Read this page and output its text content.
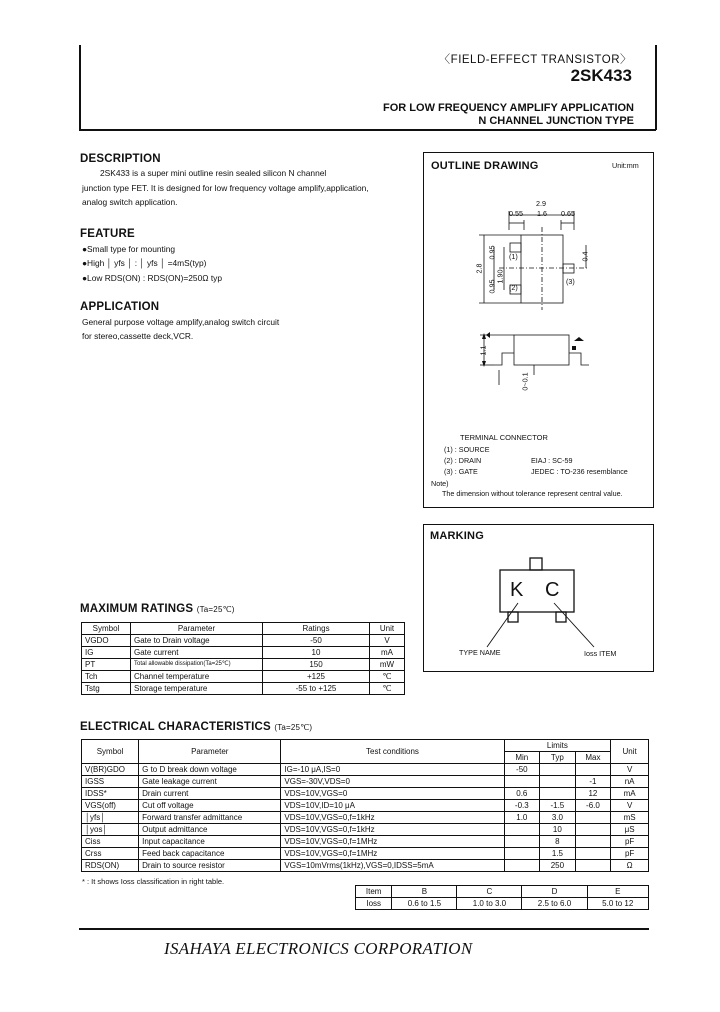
〈FIELD-EFFECT TRANSISTOR〉
2SK433
FOR LOW FREQUENCY AMPLIFY APPLICATION
N CHANNEL JUNCTION TYPE
DESCRIPTION
2SK433 is a super mini outline resin sealed silicon N channel
junction type FET. It is designed for low frequency voltage amplify,application,
analog switch application.
FEATURE
●Small type for mounting
●High │ yfs │ : │ yfs │ =4mS(typ)
●Low RDS(ON) : RDS(ON)=250Ω typ
APPLICATION
General purpose voltage amplify,analog switch circuit
for stereo,cassette deck,VCR.
OUTLINE DRAWING	Unit:mm
2.9
0.55 1.6 0.65
2.8
0.95
1.90
0.95
0.4
1.1
0~0.1
(1)
(2)
(3)
TERMINAL CONNECTOR
(1) : SOURCE
(2) : DRAIN
(3) : GATE
EIAJ : SC-59
JEDEC : TO-236 resemblance
Note)
The dimension without tolerance represent central value.
MARKING
K C
TYPE NAME	Ioss ITEM
MAXIMUM RATINGS (Ta=25℃)
Symbol	Parameter	Ratings	Unit
VGDO	Gate to Drain voltage	-50	V
IG	Gate current	10	mA
PT	Total allowable dissipation(Ta=25℃)	150	mW
Tch	Channel temperature	+125	℃
Tstg	Storage temperature	-55 to +125	℃
ELECTRICAL CHARACTERISTICS (Ta=25℃)
Symbol	Parameter	Test conditions	Limits			Unit
			Min	Typ	Max	
V(BR)GDO	G to D break down voltage	IG=-10 μA,IS=0	-50			V
IGSS	Gate leakage current	VGS=-30V,VDS=0			-1	nA
IDSS*	Drain current	VDS=10V,VGS=0	0.6		12	mA
VGS(off)	Cut off voltage	VDS=10V,ID=10 μA	-0.3	-1.5	-6.0	V
│yfs│	Forward transfer admittance	VDS=10V,VGS=0,f=1kHz	1.0	3.0		mS
│yos│	Output admittance	VDS=10V,VGS=0,f=1kHz		10		μS
Ciss	Input capacitance	VDS=10V,VGS=0,f=1MHz		8		pF
Crss	Feed back capacitance	VDS=10V,VGS=0,f=1MHz		1.5		pF
RDS(ON)	Drain to source resistor	VGS=10mVrms(1kHz),VGS=0,IDSS=5mA		250		Ω
* : It shows Ioss classification in right table.
Item	B	C	D	E
Ioss	0.6 to 1.5	1.0 to 3.0	2.5 to 6.0	5.0 to 12
ISAHAYA ELECTRONICS CORPORATION
